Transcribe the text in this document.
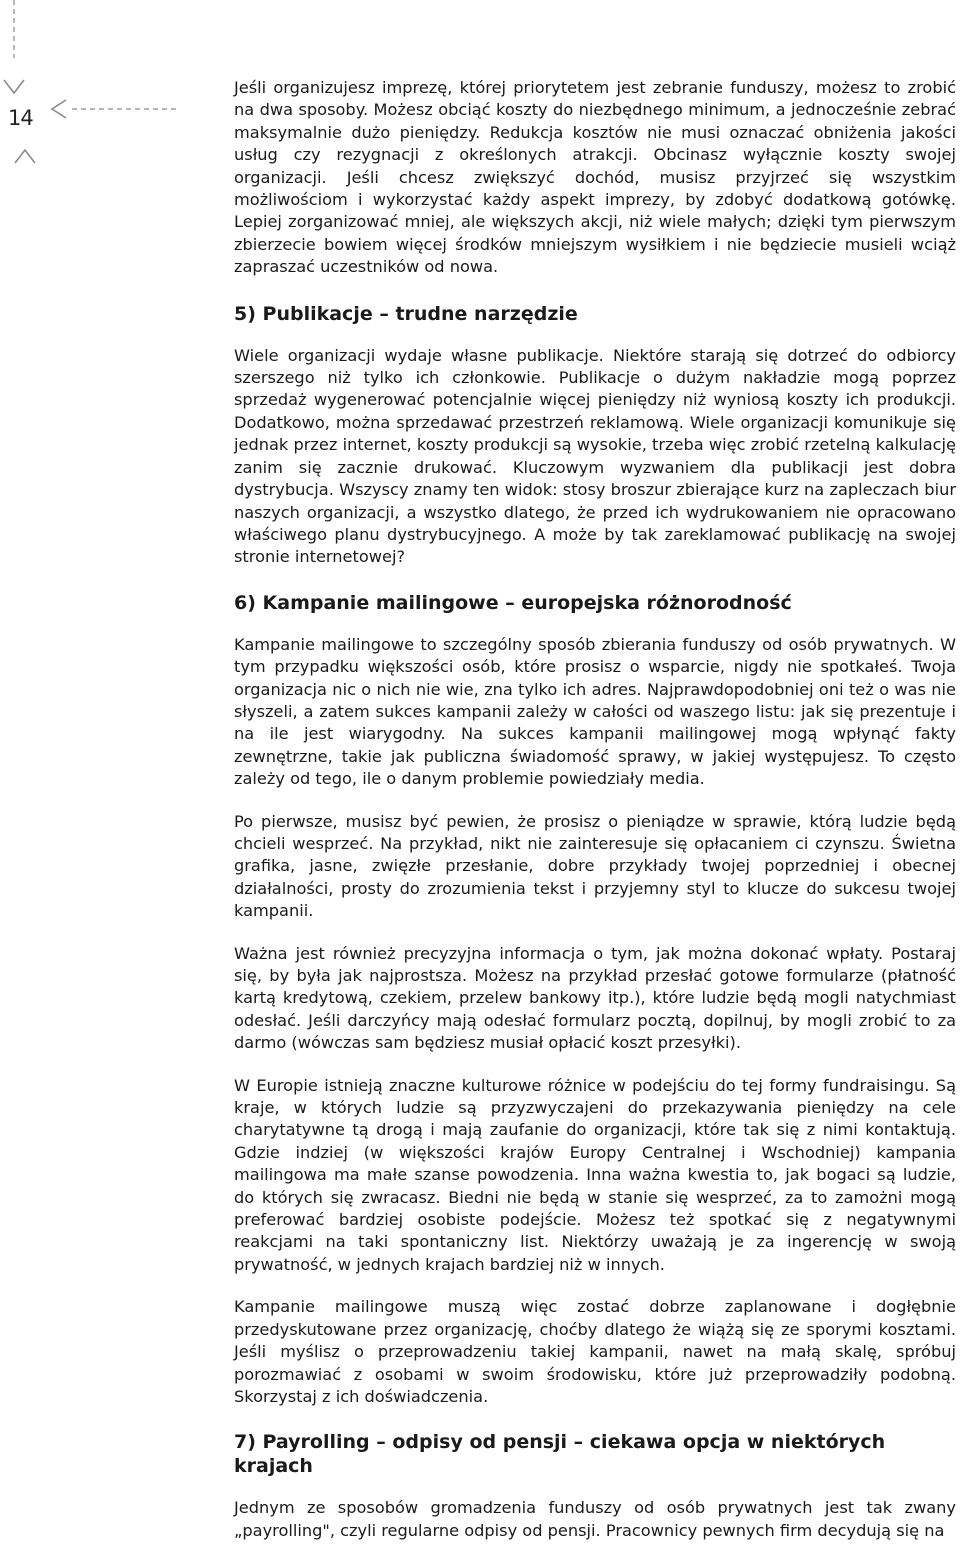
14

Jeśli organizujesz imprezę, której priorytetem jest zebranie funduszy, możesz to zrobić na dwa sposoby. Możesz obciąć koszty do niezbędnego minimum, a jednocześnie zebrać maksymalnie dużo pieniędzy. Redukcja kosztów nie musi oznaczać obniżenia jakości usług czy rezygnacji z określonych atrakcji. Obcinasz wyłącznie koszty swojej organizacji. Jeśli chcesz zwiększyć dochód, musisz przyjrzeć się wszystkim możliwościom i wykorzystać każdy aspekt imprezy, by zdobyć dodatkową gotówkę. Lepiej zorganizować mniej, ale większych akcji, niż wiele małych; dzięki tym pierwszym zbierzecie bowiem więcej środków mniejszym wysiłkiem i nie będziecie musieli wciąż zapraszać uczestników od nowa.

5) Publikacje – trudne narzędzie

Wiele organizacji wydaje własne publikacje. Niektóre starają się dotrzeć do odbiorcy szerszego niż tylko ich członkowie. Publikacje o dużym nakładzie mogą poprzez sprzedaż wygenerować potencjalnie więcej pieniędzy niż wyniosą koszty ich produkcji. Dodatkowo, można sprzedawać przestrzeń reklamową. Wiele organizacji komunikuje się jednak przez internet, koszty produkcji są wysokie, trzeba więc zrobić rzetelną kalkulację zanim się zacznie drukować. Kluczowym wyzwaniem dla publikacji jest dobra dystrybucja. Wszyscy znamy ten widok: stosy broszur zbierające kurz na zapleczach biur naszych organizacji, a wszystko dlatego, że przed ich wydrukowaniem nie opracowano właściwego planu dystrybucyjnego. A może by tak zareklamować publikację na swojej stronie internetowej?

6) Kampanie mailingowe – europejska różnorodność

Kampanie mailingowe to szczególny sposób zbierania funduszy od osób prywatnych. W tym przypadku większości osób, które prosisz o wsparcie, nigdy nie spotkałeś. Twoja organizacja nic o nich nie wie, zna tylko ich adres. Najprawdopodobniej oni też o was nie słyszeli, a zatem sukces kampanii zależy w całości od waszego listu: jak się prezentuje i na ile jest wiarygodny. Na sukces kampanii mailingowej mogą wpłynąć fakty zewnętrzne, takie jak publiczna świadomość sprawy, w jakiej występujesz. To często zależy od tego, ile o danym problemie powiedziały media.

Po pierwsze, musisz być pewien, że prosisz o pieniądze w sprawie, którą ludzie będą chcieli wesprzeć. Na przykład, nikt nie zainteresuje się opłacaniem ci czynszu. Świetna grafika, jasne, zwięzłe przesłanie, dobre przykłady twojej poprzedniej i obecnej działalności, prosty do zrozumienia tekst i przyjemny styl to klucze do sukcesu twojej kampanii.

Ważna jest również precyzyjna informacja o tym, jak można dokonać wpłaty. Postaraj się, by była jak najprostsza. Możesz na przykład przesłać gotowe formularze (płatność kartą kredytową, czekiem, przelew bankowy itp.), które ludzie będą mogli natychmiast odesłać. Jeśli darczyńcy mają odesłać formularz pocztą, dopilnuj, by mogli zrobić to za darmo (wówczas sam będziesz musiał opłacić koszt przesyłki).

W Europie istnieją znaczne kulturowe różnice w podejściu do tej formy fundraisingu. Są kraje, w których ludzie są przyzwyczajeni do przekazywania pieniędzy na cele charytatywne tą drogą i mają zaufanie do organizacji, które tak się z nimi kontaktują. Gdzie indziej (w większości krajów Europy Centralnej i Wschodniej) kampania mailingowa ma małe szanse powodzenia. Inna ważna kwestia to, jak bogaci są ludzie, do których się zwracasz. Biedni nie będą w stanie się wesprzeć, za to zamożni mogą preferować bardziej osobiste podejście. Możesz też spotkać się z negatywnymi reakcjami na taki spontaniczny list. Niektórzy uważają je za ingerencję w swoją prywatność, w jednych krajach bardziej niż w innych.

Kampanie mailingowe muszą więc zostać dobrze zaplanowane i dogłębnie przedyskutowane przez organizację, choćby dlatego że wiążą się ze sporymi kosztami. Jeśli myślisz o przeprowadzeniu takiej kampanii, nawet na małą skalę, spróbuj porozmawiać z osobami w swoim środowisku, które już przeprowadziły podobną. Skorzystaj z ich doświadczenia.

7) Payrolling – odpisy od pensji – ciekawa opcja w niektórych krajach

Jednym ze sposobów gromadzenia funduszy od osób prywatnych jest tak zwany „payrolling", czyli regularne odpisy od pensji. Pracownicy pewnych firm decydują się na
